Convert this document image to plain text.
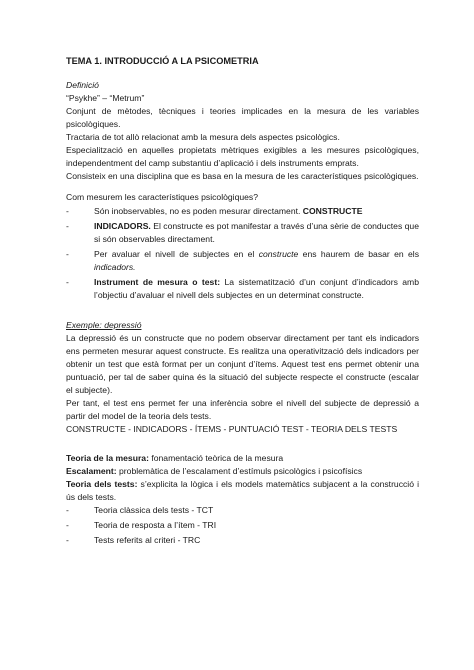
TEMA 1. INTRODUCCIÓ A LA PSICOMETRIA

Definició

“Psykhe” – “Metrum”

Conjunt de mètodes, tècniques i teories implicades en la mesura de les variables psicològiques.

Tractaria de tot allò relacionat amb la mesura dels aspectes psicològics.

Especialització en aquelles propietats mètriques exigibles a les mesures psicològiques, independentment del camp substantiu d’aplicació i dels instruments emprats.

Consisteix en una disciplina que es basa en la mesura de les característiques psicològiques.

Com mesurem les característiques psicològiques?

- Són inobservables, no es poden mesurar directament. CONSTRUCTE
- INDICADORS. El constructe es pot manifestar a través d’una sèrie de conductes que si són observables directament.
- Per avaluar el nivell de subjectes en el constructe ens haurem de basar en els indicadors.
- Instrument de mesura o test: La sistematització d’un conjunt d’indicadors amb l’objectiu d’avaluar el nivell dels subjectes en un determinat constructe.

Exemple: depressió

La depressió és un constructe que no podem observar directament per tant els indicadors ens permeten mesurar aquest constructe. Es realitza una operativització dels indicadors per obtenir un test que està format per un conjunt d’ítems. Aquest test ens permet obtenir una puntuació, per tal de saber quina és la situació del subjecte respecte el constructe (escalar el subjecte).

Per tant, el test ens permet fer una inferència sobre el nivell del subjecte de depressió a partir del model de la teoria dels tests.

CONSTRUCTE - INDICADORS - ÍTEMS - PUNTUACIÓ TEST - TEORIA DELS TESTS

Teoria de la mesura: fonamentació teòrica de la mesura

Escalament: problemàtica de l’escalament d’estímuls psicològics i psicofísics

Teoria dels tests: s’explicita la lògica i els models matemàtics subjacent a la construcció i ús dels tests.

- Teoria clàssica dels tests - TCT
- Teoria de resposta a l’ítem - TRI
- Tests referits al criteri - TRC
